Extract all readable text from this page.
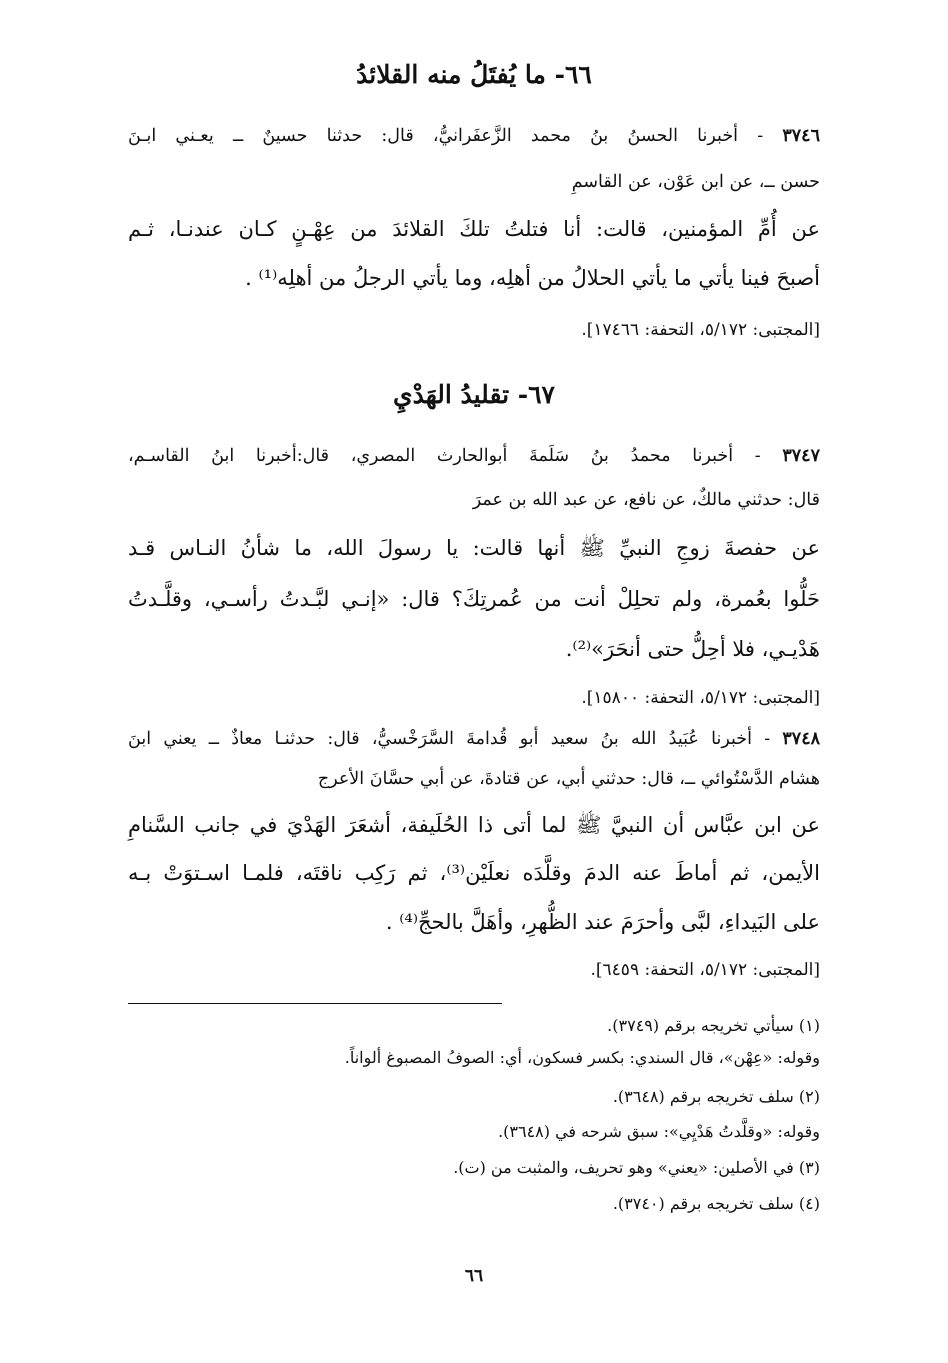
٦٦- ما يُفتَلُ منه القلائدُ
٣٧٤٦ - أخبرنا الحسنُ بنُ محمد الزَّعفَرانيُّ، قال: حدثنا حسينٌ ــ يعـني ابـنَ
حسن ــ، عن ابن عَوْن، عن القاسمِ
عن أُمِّ المؤمنين، قالت: أنا فتلتُ تلكَ القلائدَ من عِهْـنٍ كـان عندنـا، ثـم
أصبحَ فينا يأتي ما يأتي الحلالُ من أهلِه، وما يأتي الرجلُ من أهلِه⁽¹⁾ .
[المجتبى: ٥/١٧٢، التحفة: ١٧٤٦٦].
٦٧- تقليدُ الهَدْيِ
٣٧٤٧ - أخبرنا محمدُ بنُ سَلَمةَ أبوالحارث المصري، قال:أخبرنا ابنُ القاسـم،
قال: حدثني مالكٌ، عن نافع، عن عبد الله بن عمرَ
عن حفصةَ زوجِ النبيِّ ﷺ أنها قالت: يا رسولَ الله، ما شأنُ النـاس قـد
حَلُّوا بعُمرة، ولم تحلِلْ أنت من عُمرتِكَ؟ قال: «إنـي لبَّـدتُ رأسـي، وقلَّـدتُ
هَدْيـي، فلا أحِلُّ حتى أنحَرَ»⁽²⁾.
[المجتبى: ٥/١٧٢، التحفة: ١٥٨٠٠].
٣٧٤٨ - أخبرنا عُبَيدُ الله بنُ سعيد أبو قُدامةَ السَّرَخْسيُّ، قال: حدثنـا معاذٌ ــ يعني ابنَ
هشام الدَّسْتُوائي ــ، قال: حدثني أبي، عن قتادةَ، عن أبي حسَّانَ الأعرج
عن ابن عبَّاس أن النبيَّ ﷺ لما أتى ذا الحُلَيفة، أشعَرَ الهَدْيَ في جانب السَّنامِ
الأيمن، ثم أماطَ عنه الدمَ وقلَّدَه نعلَيْن⁽³⁾، ثم رَكِب ناقتَه، فلمـا اسـتوَتْ بـه
على البَيداءِ، لبَّى وأحرَمَ عند الظُّهرِ، وأهَلَّ بالحجِّ⁽⁴⁾ .
[المجتبى: ٥/١٧٢، التحفة: ٦٤٥٩].
(١) سيأتي تخريجه برقم (٣٧٤٩).
وقوله: «عِهْن»، قال السندي: بكسر فسكون، أي: الصوفُ المصبوغ ألواناً.
(٢) سلف تخريجه برقم (٣٦٤٨).
وقوله: «وقلَّدتُ هَدْيِي»: سبق شرحه في (٣٦٤٨).
(٣) في الأصلين: «يعني» وهو تحريف، والمثبت من (ت).
(٤) سلف تخريجه برقم (٣٧٤٠).
٦٦
